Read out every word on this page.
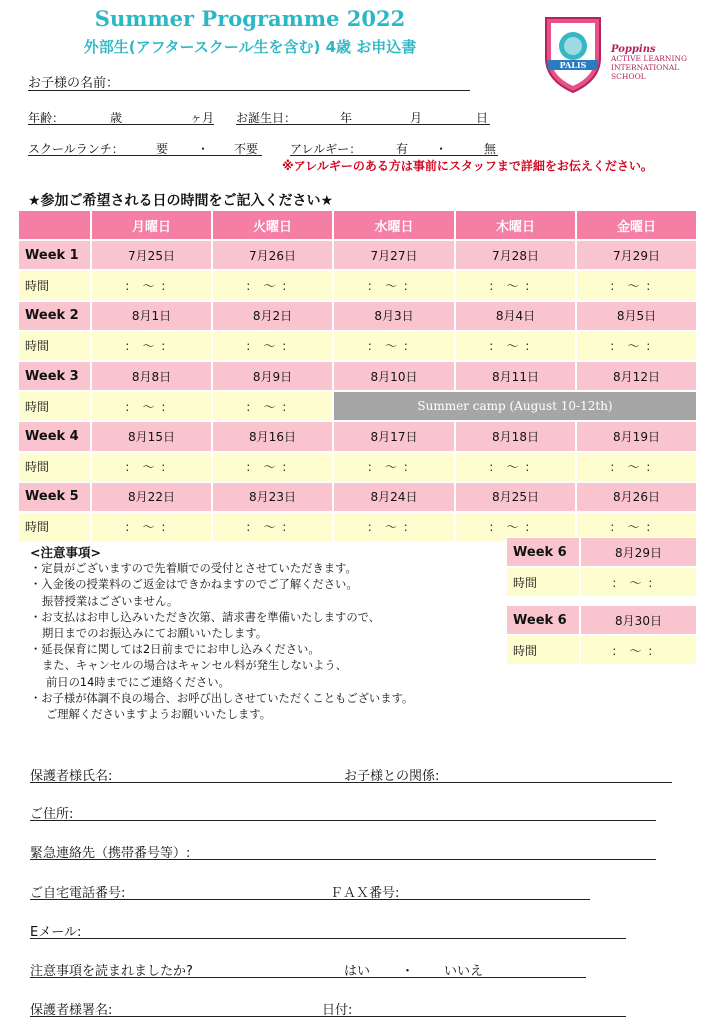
Summer Programme 2022
外部生(アフタースクール生を含む) 4歳 お申込書
PALIS
Poppins
ACTIVE LEARNING
INTERNATIONAL SCHOOL
お子様の名前：
年齢：	歳	ヶ月 お誕生日：	年	月	日
スクールランチ：	要 ・ 不要	アレルギー：	有 ・	無
※アレルギーのある方は事前にスタッフまで詳細をお伝えください。
★参加ご希望される日の時間をご記入ください★
	月曜日	火曜日	水曜日	木曜日	金曜日
Week 1	7月25日	7月26日	7月27日	7月28日	7月29日
時間	：〜：	：〜：	：〜：	：〜：	：〜：
Week 2	8月1日	8月2日	8月3日	8月4日	8月5日
時間	：〜：	：〜：	：〜：	：〜：	：〜：
Week 3	8月8日	8月9日	8月10日	8月11日	8月12日
時間	：〜：	：〜：	Summer camp (August 10-12th)		
Week 4	8月15日	8月16日	8月17日	8月18日	8月19日
時間	：〜：	：〜：	：〜：	：〜：	：〜：
Week 5	8月22日	8月23日	8月24日	8月25日	8月26日
時間	：〜：	：〜：	：〜：	：〜：	：〜：
Week 6	8月29日
時間	：〜：

Week 6	8月30日
時間	：〜：
<注意事項>
・定員がございますので先着順での受付とさせていただきます。
・入金後の授業料のご返金はできかねますのでご了解ください。
振替授業はございません。
・お支払はお申し込みいただき次第、請求書を準備いたしますので、
期日までのお振込みにてお願いいたします。
・延長保育に関しては2日前までにお申し込みください。
また、キャンセルの場合はキャンセル料が発生しないよう、
前日の14時までにご連絡ください。
・お子様が体調不良の場合、お呼び出しさせていただくこともございます。
ご理解くださいますようお願いいたします。
保護者様氏名:	お子様との関係:
ご住所:
緊急連絡先（携帯番号等）:
ご自宅電話番号:	ＦＡＸ番号:
Eメール:
注意事項を読まれましたか?	はい ・ いいえ
保護者様署名:	日付:
